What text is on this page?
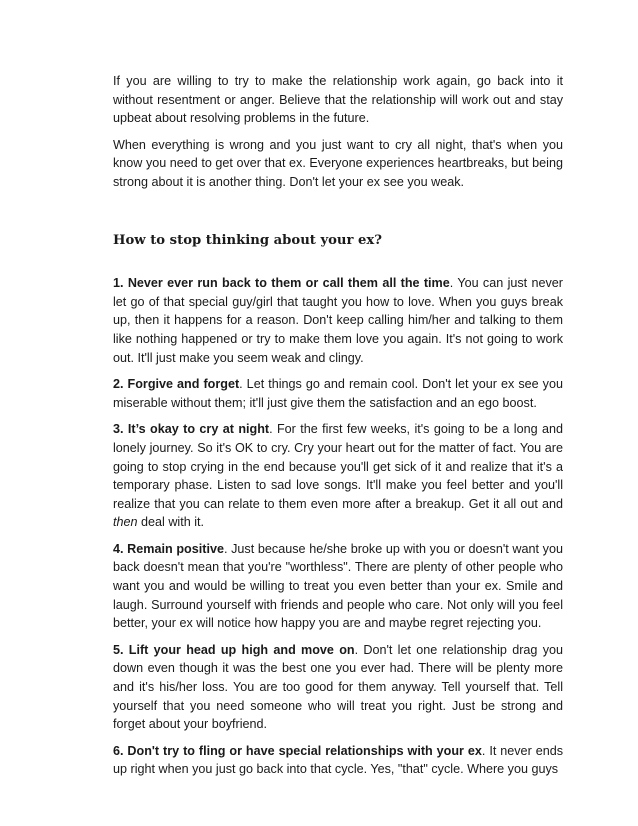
If you are willing to try to make the relationship work again, go back into it without resentment or anger. Believe that the relationship will work out and stay upbeat about resolving problems in the future.

When everything is wrong and you just want to cry all night, that's when you know you need to get over that ex. Everyone experiences heartbreaks, but being strong about it is another thing. Don't let your ex see you weak.

How to stop thinking about your ex?

1. Never ever run back to them or call them all the time. You can just never let go of that special guy/girl that taught you how to love. When you guys break up, then it happens for a reason. Don't keep calling him/her and talking to them like nothing happened or try to make them love you again. It's not going to work out. It'll just make you seem weak and clingy.

2. Forgive and forget. Let things go and remain cool. Don't let your ex see you miserable without them; it'll just give them the satisfaction and an ego boost.

3. It’s okay to cry at night. For the first few weeks, it's going to be a long and lonely journey. So it's OK to cry. Cry your heart out for the matter of fact. You are going to stop crying in the end because you'll get sick of it and realize that it's a temporary phase. Listen to sad love songs. It'll make you feel better and you'll realize that you can relate to them even more after a breakup. Get it all out and then deal with it.

4. Remain positive. Just because he/she broke up with you or doesn't want you back doesn't mean that you're "worthless". There are plenty of other people who want you and would be willing to treat you even better than your ex. Smile and laugh. Surround yourself with friends and people who care. Not only will you feel better, your ex will notice how happy you are and maybe regret rejecting you.

5. Lift your head up high and move on. Don't let one relationship drag you down even though it was the best one you ever had. There will be plenty more and it's his/her loss. You are too good for them anyway. Tell yourself that. Tell yourself that you need someone who will treat you right. Just be strong and forget about your boyfriend.

6. Don't try to fling or have special relationships with your ex. It never ends up right when you just go back into that cycle. Yes, "that" cycle. Where you guys
